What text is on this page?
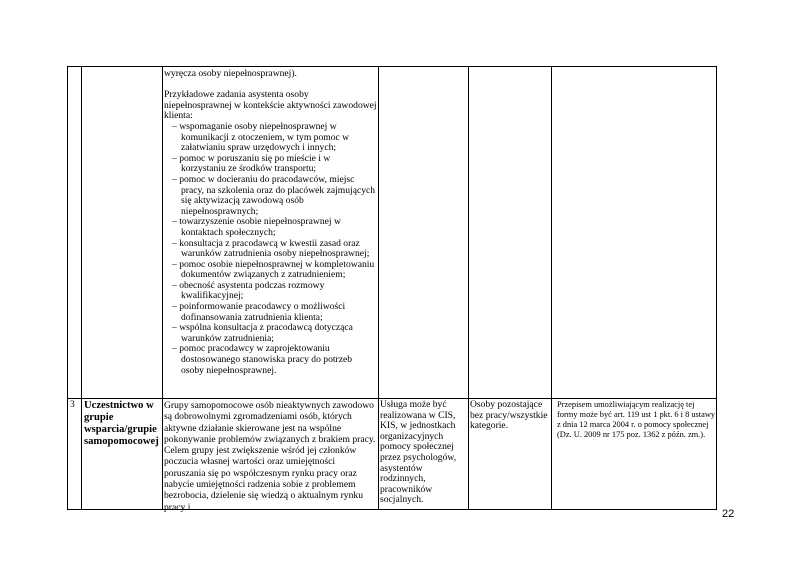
wyręcza osoby niepełnosprawnej).

Przykładowe zadania asystenta osoby niepełnosprawnej w kontekście aktywności zawodowej klienta:

– wspomaganie osoby niepełnosprawnej w komunikacji z otoczeniem, w tym pomoc w załatwianiu spraw urzędowych i innych;

– pomoc w poruszaniu się po mieście i w korzystaniu ze środków transportu;

– pomoc w docieraniu do pracodawców, miejsc pracy, na szkolenia oraz do placówek zajmujących się aktywizacją zawodową osób niepełnosprawnych;

– towarzyszenie osobie niepełnosprawnej w kontaktach społecznych;

– konsultacja z pracodawcą w kwestii zasad oraz warunków zatrudnienia osoby niepełnosprawnej;

– pomoc osobie niepełnosprawnej w kompletowaniu dokumentów związanych z zatrudnieniem;

– obecność asystenta podczas rozmowy kwalifikacyjnej;

– poinformowanie pracodawcy o możliwości dofinansowania zatrudnienia klienta;

– wspólna konsultacja z pracodawcą dotycząca warunków zatrudnienia;

– pomoc pracodawcy w zaprojektowaniu dostosowanego stanowiska pracy do potrzeb osoby niepełnosprawnej.

3 Uczestnictwo w grupie wsparcia/grupie samopomocowej
Grupy samopomocowe osób nieaktywnych zawodowo są dobrowolnymi zgromadzeniami osób, których aktywne działanie skierowane jest na wspólne pokonywanie problemów związanych z brakiem pracy. Celem grupy jest zwiększenie wśród jej członków poczucia własnej wartości oraz umiejętności poruszania się po współczesnym rynku pracy oraz nabycie umiejętności radzenia sobie z problemem bezrobocia, dzielenie się wiedzą o aktualnym rynku pracy i
Usługa może być realizowana w CIS, KIS, w jednostkach organizacyjnych pomocy społecznej przez psychologów, asystentów rodzinnych, pracowników socjalnych.
Osoby pozostające bez pracy/wszystkie kategorie.
Przepisem umożliwiającym realizację tej formy może być art. 119 ust 1 pkt. 6 i 8 ustawy z dnia 12 marca 2004 r. o pomocy społecznej (Dz. U. 2009 nr 175 poz. 1362 z późn. zm.).
22
